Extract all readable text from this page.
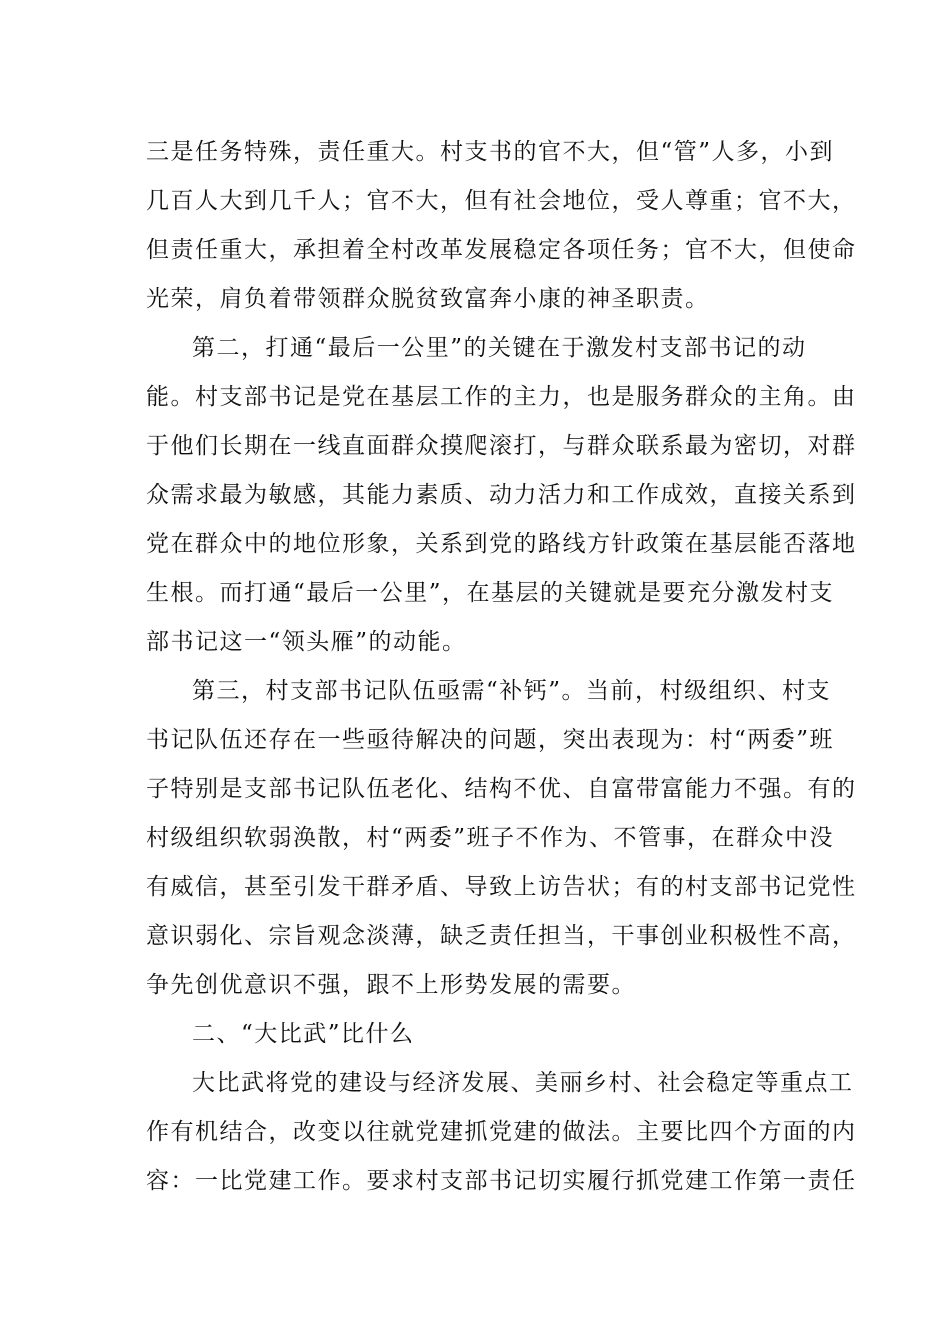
三是任务特殊，责任重大。村支书的官不大，但“管”人多，小到
几百人大到几千人；官不大，但有社会地位，受人尊重；官不大，
但责任重大，承担着全村改革发展稳定各项任务；官不大，但使命
光荣，肩负着带领群众脱贫致富奔小康的神圣职责。
第二，打通“最后一公里”的关键在于激发村支部书记的动
能。村支部书记是党在基层工作的主力，也是服务群众的主角。由
于他们长期在一线直面群众摸爬滚打，与群众联系最为密切，对群
众需求最为敏感，其能力素质、动力活力和工作成效，直接关系到
党在群众中的地位形象，关系到党的路线方针政策在基层能否落地
生根。而打通“最后一公里”，在基层的关键就是要充分激发村支
部书记这一“领头雁”的动能。
第三，村支部书记队伍亟需“补钙”。当前，村级组织、村支
书记队伍还存在一些亟待解决的问题，突出表现为：村“两委”班
子特别是支部书记队伍老化、结构不优、自富带富能力不强。有的
村级组织软弱涣散，村“两委”班子不作为、不管事，在群众中没
有威信，甚至引发干群矛盾、导致上访告状；有的村支部书记党性
意识弱化、宗旨观念淡薄，缺乏责任担当，干事创业积极性不高，
争先创优意识不强，跟不上形势发展的需要。
二、“大比武”比什么
大比武将党的建设与经济发展、美丽乡村、社会稳定等重点工
作有机结合，改变以往就党建抓党建的做法。主要比四个方面的内
容：一比党建工作。要求村支部书记切实履行抓党建工作第一责任
